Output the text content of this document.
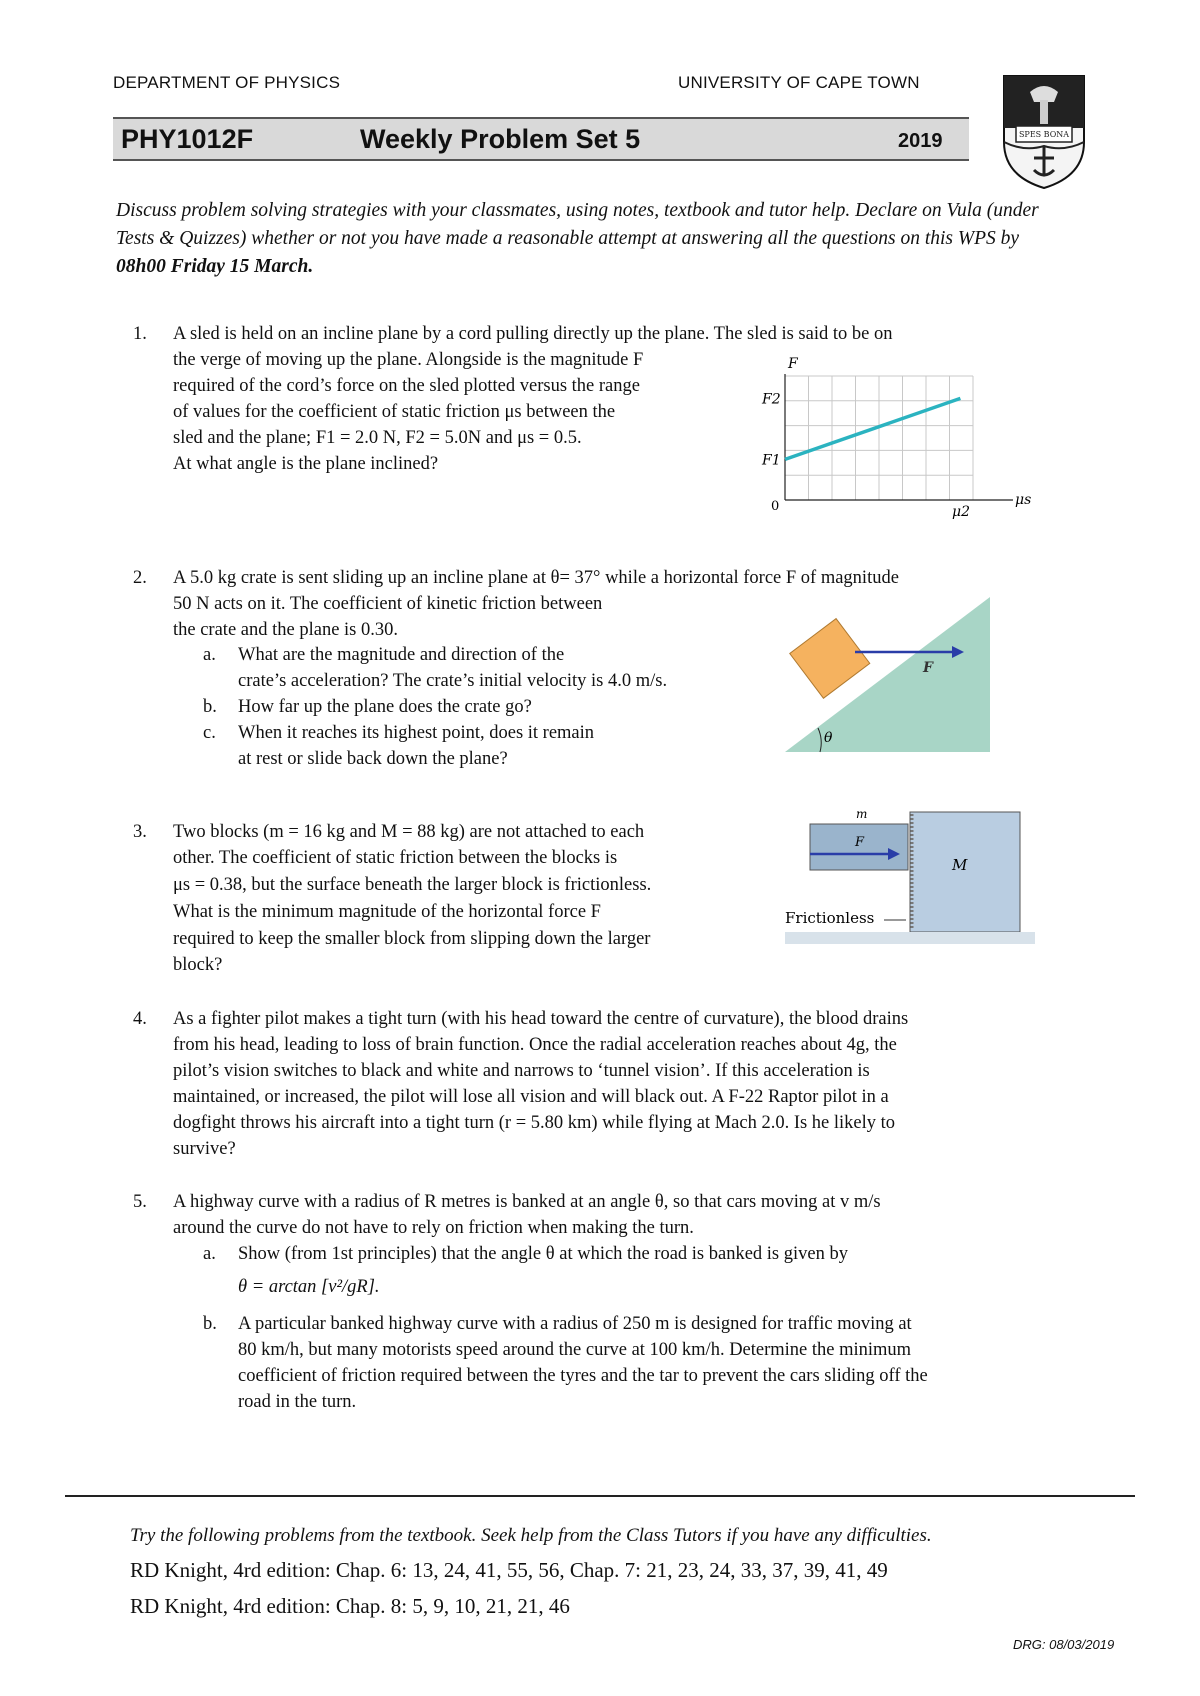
DEPARTMENT OF PHYSICS	UNIVERSITY OF CAPE TOWN
PHY1012F	Weekly Problem Set 5	2019	SPES BONA
Discuss problem solving strategies with your classmates, using notes, textbook and tutor help. Declare on Vula (under Tests & Quizzes) whether or not you have made a reasonable attempt at answering all the questions on this WPS by 08h00 Friday 15 March.
1. A sled is held on an incline plane by a cord pulling directly up the plane. The sled is said to be on
the verge of moving up the plane. Alongside is the magnitude F
required of the cord’s force on the sled plotted versus the range
of values for the coefficient of static friction μs between the
sled and the plane; F1 = 2.0 N, F2 = 5.0N and μs = 0.5.
At what angle is the plane inclined?
F
μs
F2
F1
0	μ2
2. A 5.0 kg crate is sent sliding up an incline plane at θ= 37° while a horizontal force F of magnitude
50 N acts on it. The coefficient of kinetic friction between
the crate and the plane is 0.30.
a. What are the magnitude and direction of the
crate’s acceleration? The crate’s initial velocity is 4.0 m/s.
b. How far up the plane does the crate go?
c. When it reaches its highest point, does it remain
at rest or slide back down the plane?
F
θ
3. Two blocks (m = 16 kg and M = 88 kg) are not attached to each
other. The coefficient of static friction between the blocks is
μs = 0.38, but the surface beneath the larger block is frictionless.
What is the minimum magnitude of the horizontal force F
required to keep the smaller block from slipping down the larger
block?
m
F
M
Frictionless
4. As a fighter pilot makes a tight turn (with his head toward the centre of curvature), the blood drains
from his head, leading to loss of brain function. Once the radial acceleration reaches about 4g, the
pilot’s vision switches to black and white and narrows to ‘tunnel vision’. If this acceleration is
maintained, or increased, the pilot will lose all vision and will black out. A F-22 Raptor pilot in a
dogfight throws his aircraft into a tight turn (r = 5.80 km) while flying at Mach 2.0. Is he likely to
survive?
5. A highway curve with a radius of R metres is banked at an angle θ, so that cars moving at v m/s
around the curve do not have to rely on friction when making the turn.
a. Show (from 1st principles) that the angle θ at which the road is banked is given by
θ = arctan [v²/gR].
b. A particular banked highway curve with a radius of 250 m is designed for traffic moving at
80 km/h, but many motorists speed around the curve at 100 km/h. Determine the minimum
coefficient of friction required between the tyres and the tar to prevent the cars sliding off the
road in the turn.
Try the following problems from the textbook. Seek help from the Class Tutors if you have any difficulties.
RD Knight, 4rd edition: Chap. 6: 13, 24, 41, 55, 56, Chap. 7: 21, 23, 24, 33, 37, 39, 41, 49
RD Knight, 4rd edition: Chap. 8: 5, 9, 10, 21, 21, 46
DRG: 08/03/2019
